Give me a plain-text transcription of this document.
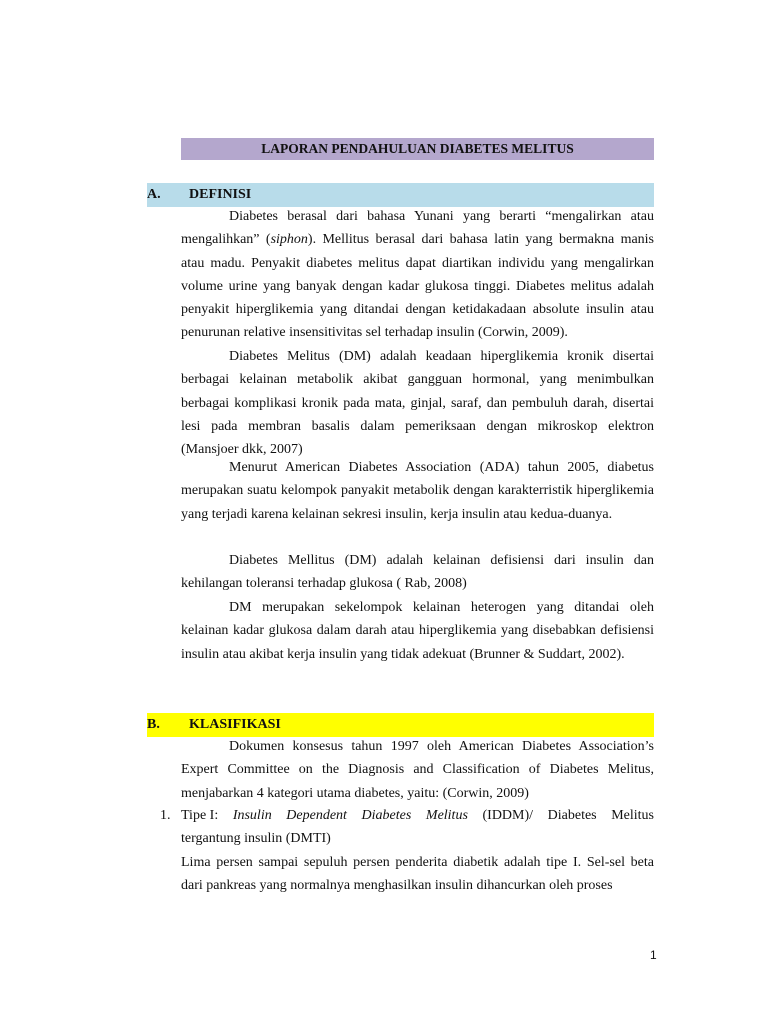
LAPORAN PENDAHULUAN DIABETES MELITUS
A. DEFINISI

Diabetes berasal dari bahasa Yunani yang berarti “mengalirkan atau mengalihkan” (siphon). Mellitus berasal dari bahasa latin yang bermakna manis atau madu. Penyakit diabetes melitus dapat diartikan individu yang mengalirkan volume urine yang banyak dengan kadar glukosa tinggi. Diabetes melitus adalah penyakit hiperglikemia yang ditandai dengan ketidakadaan absolute insulin atau penurunan relative insensitivitas sel terhadap insulin (Corwin, 2009).

Diabetes Melitus (DM) adalah keadaan hiperglikemia kronik disertai berbagai kelainan metabolik akibat gangguan hormonal, yang menimbulkan berbagai komplikasi kronik pada mata, ginjal, saraf, dan pembuluh darah, disertai lesi pada membran basalis dalam pemeriksaan dengan mikroskop elektron (Mansjoer dkk, 2007)

Menurut American Diabetes Association (ADA) tahun 2005, diabetus merupakan suatu kelompok panyakit metabolik dengan karakterristik hiperglikemia yang terjadi karena kelainan sekresi insulin, kerja insulin atau kedua-duanya.

Diabetes Mellitus (DM) adalah kelainan defisiensi dari insulin dan kehilangan toleransi terhadap glukosa ( Rab, 2008)

DM merupakan sekelompok kelainan heterogen yang ditandai oleh kelainan kadar glukosa dalam darah atau hiperglikemia yang disebabkan defisiensi insulin atau akibat kerja insulin yang tidak adekuat (Brunner & Suddart, 2002).

B. KLASIFIKASI

Dokumen konsesus tahun 1997 oleh American Diabetes Association’s Expert Committee on the Diagnosis and Classification of Diabetes Melitus, menjabarkan 4 kategori utama diabetes, yaitu: (Corwin, 2009)

1. Tipe I: Insulin Dependent Diabetes Melitus (IDDM)/ Diabetes Melitus
tergantung insulin (DMTI)

Lima persen sampai sepuluh persen penderita diabetik adalah tipe I. Sel-sel beta dari pankreas yang normalnya menghasilkan insulin dihancurkan oleh proses

1
